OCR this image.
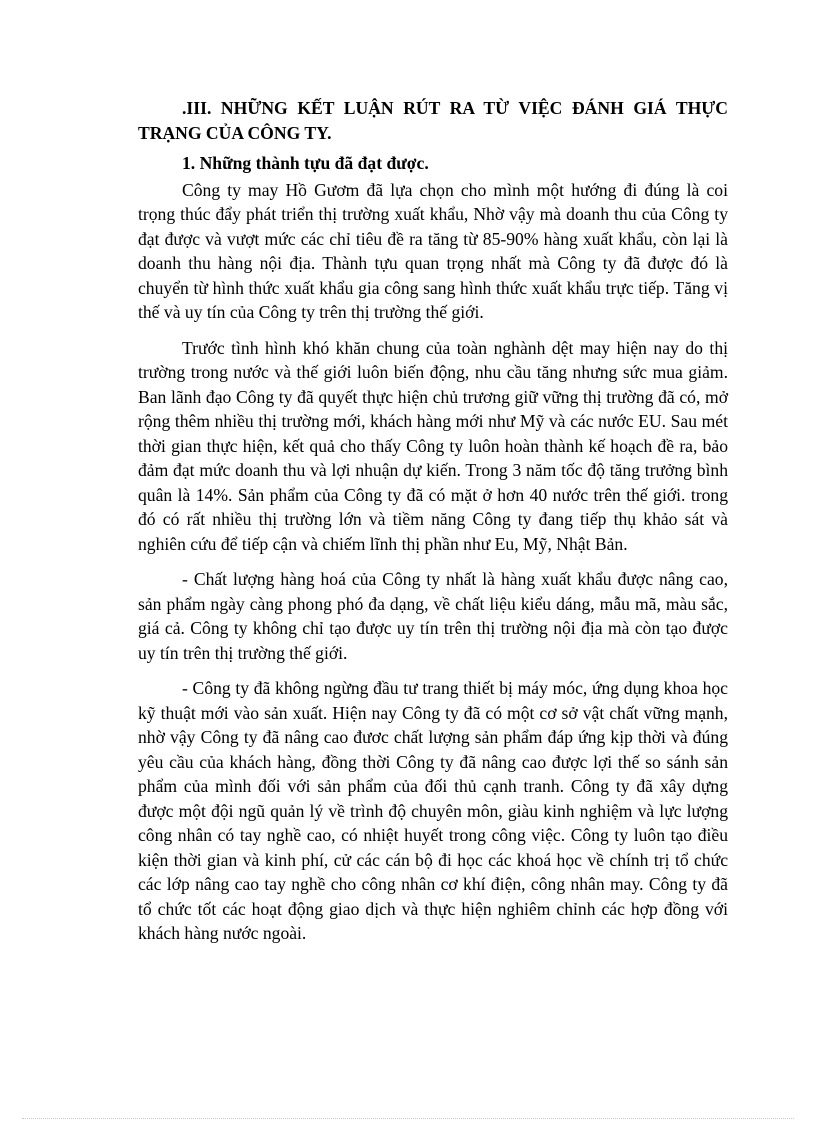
.III. NHỮNG KẾT LUẬN RÚT RA TỪ VIỆC ĐÁNH GIÁ THỰC TRẠNG CỦA CÔNG TY.

1. Những thành tựu đã đạt được.

Công ty may Hồ Gươm đã lựa chọn cho mình một hướng đi đúng là coi trọng thúc đẩy phát triển thị trường xuất khẩu, Nhờ vậy mà doanh thu của Công ty đạt được và vượt mức các chỉ tiêu đề ra tăng từ 85-90% hàng xuất khẩu, còn lại là doanh thu hàng nội địa. Thành tựu quan trọng nhất mà Công ty đã được đó là chuyển từ hình thức xuất khẩu gia công sang hình thức xuất khẩu trực tiếp. Tăng vị thế và uy tín của Công ty trên thị trường thế giới.

Trước tình hình khó khăn chung của toàn nghành dệt may hiện nay do thị trường trong nước và thế giới luôn biến động, nhu cầu tăng nhưng sức mua giảm. Ban lãnh đạo Công ty đã quyết thực hiện chủ trương giữ vững thị trường đã có, mở rộng thêm nhiều thị trường mới, khách hàng mới như Mỹ và các nước EU. Sau mét thời gian thực hiện, kết quả cho thấy Công ty luôn hoàn thành kế hoạch đề ra, bảo đảm đạt mức doanh thu và lợi nhuận dự kiến. Trong 3 năm tốc độ tăng trưởng bình quân là 14%. Sản phẩm của Công ty đã có mặt ở hơn 40 nước trên thế giới. trong đó có rất nhiều thị trường lớn và tiềm năng Công ty đang tiếp thụ khảo sát và nghiên cứu để tiếp cận và chiếm lĩnh thị phần như Eu, Mỹ, Nhật Bản.

- Chất lượng hàng hoá của Công ty nhất là hàng xuất khẩu được nâng cao, sản phẩm ngày càng phong phó đa dạng, về chất liệu kiểu dáng, mẫu mã, màu sắc, giá cả. Công ty không chỉ tạo được uy tín trên thị trường nội địa mà còn tạo được uy tín trên thị trường thế giới.

- Công ty đã không ngừng đầu tư trang thiết bị máy móc, ứng dụng khoa học kỹ thuật mới vào sản xuất. Hiện nay Công ty đã có một cơ sở vật chất vững mạnh, nhờ vậy Công ty đã nâng cao đươc chất lượng sản phẩm đáp ứng kịp thời và đúng yêu cầu của khách hàng, đồng thời Công ty đã nâng cao được lợi thế so sánh sản phẩm của mình đối với sản phẩm của đối thủ cạnh tranh. Công ty đã xây dựng được một đội ngũ quản lý về trình độ chuyên môn, giàu kinh nghiệm và lực lượng công nhân có tay nghề cao, có nhiệt huyết trong công việc. Công ty luôn tạo điều kiện thời gian và kinh phí, cử các cán bộ đi học các khoá học về chính trị tổ chức các lớp nâng cao tay nghề cho công nhân cơ khí điện, công nhân may. Công ty đã tổ chức tốt các hoạt động giao dịch và thực hiện nghiêm chỉnh các hợp đồng với khách hàng nước ngoài.
